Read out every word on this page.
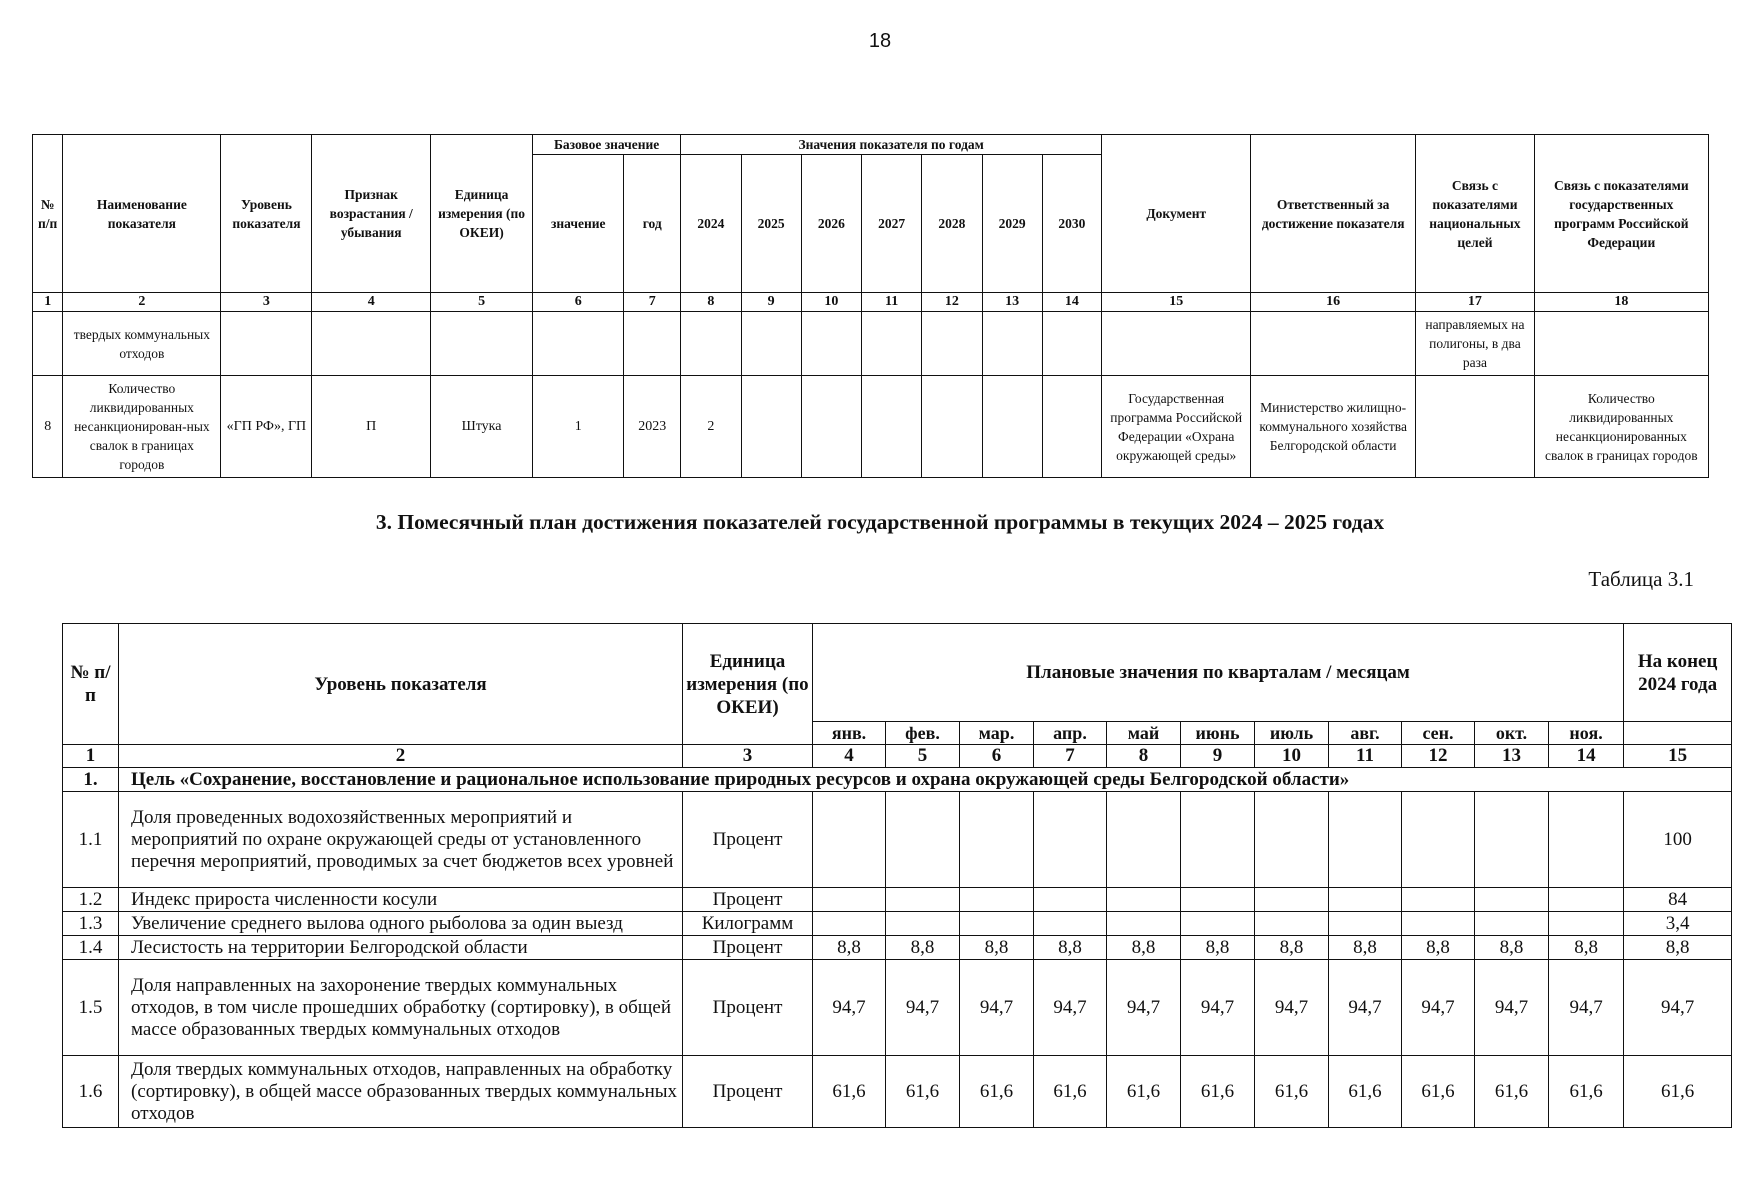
18
№ п/п	Наименование показателя	Уровень показателя	Признак возрастания / убывания	Единица измерения (по ОКЕИ)	Базовое значение		Значения показателя по годам							Документ	Ответственный за достижение показателя	Связь с показателями национальных целей	Связь с показателями государственных программ Российской Федерации
					значение	год	2024	2025	2026	2027	2028	2029	2030				
1	2	3	4	5	6	7	8	9	10	11	12	13	14	15	16	17	18
	твердых коммунальных отходов															направляемых на полигоны, в два раза	
8	Количество ликвидированных несанкционирован-ных свалок в границах городов	«ГП РФ», ГП	П	Штука	1	2023	2							Государственная программа Российской Федерации «Охрана окружающей среды»	Министерство жилищно-коммунального хозяйства Белгородской области		Количество ликвидированных несанкционированных свалок в границах городов
3. Помесячный план достижения показателей государственной программы в текущих 2024 – 2025 годах
Таблица 3.1
№ п/п	Уровень показателя	Единица измерения (по ОКЕИ)	Плановые значения по кварталам / месяцам											На конец 2024 года
			янв.	фев.	мар.	апр.	май	июнь	июль	авг.	сен.	окт.	ноя.	
1	2	3	4	5	6	7	8	9	10	11	12	13	14	15
1.	Цель «Сохранение, восстановление и рациональное использование природных ресурсов и охрана окружающей среды Белгородской области»													
1.1	Доля проведенных водохозяйственных мероприятий и мероприятий по охране окружающей среды от установленного перечня мероприятий, проводимых за счет бюджетов всех уровней	Процент												100
1.2	Индекс прироста численности косули	Процент												84
1.3	Увеличение среднего вылова одного рыболова за один выезд	Килограмм												3,4
1.4	Лесистость на территории Белгородской области	Процент	8,8	8,8	8,8	8,8	8,8	8,8	8,8	8,8	8,8	8,8	8,8	8,8
1.5	Доля направленных на захоронение твердых коммунальных отходов, в том числе прошедших обработку (сортировку), в общей массе образованных твердых коммунальных отходов	Процент	94,7	94,7	94,7	94,7	94,7	94,7	94,7	94,7	94,7	94,7	94,7	94,7
1.6	Доля твердых коммунальных отходов, направленных на обработку (сортировку), в общей массе образованных твердых коммунальных отходов	Процент	61,6	61,6	61,6	61,6	61,6	61,6	61,6	61,6	61,6	61,6	61,6	61,6
